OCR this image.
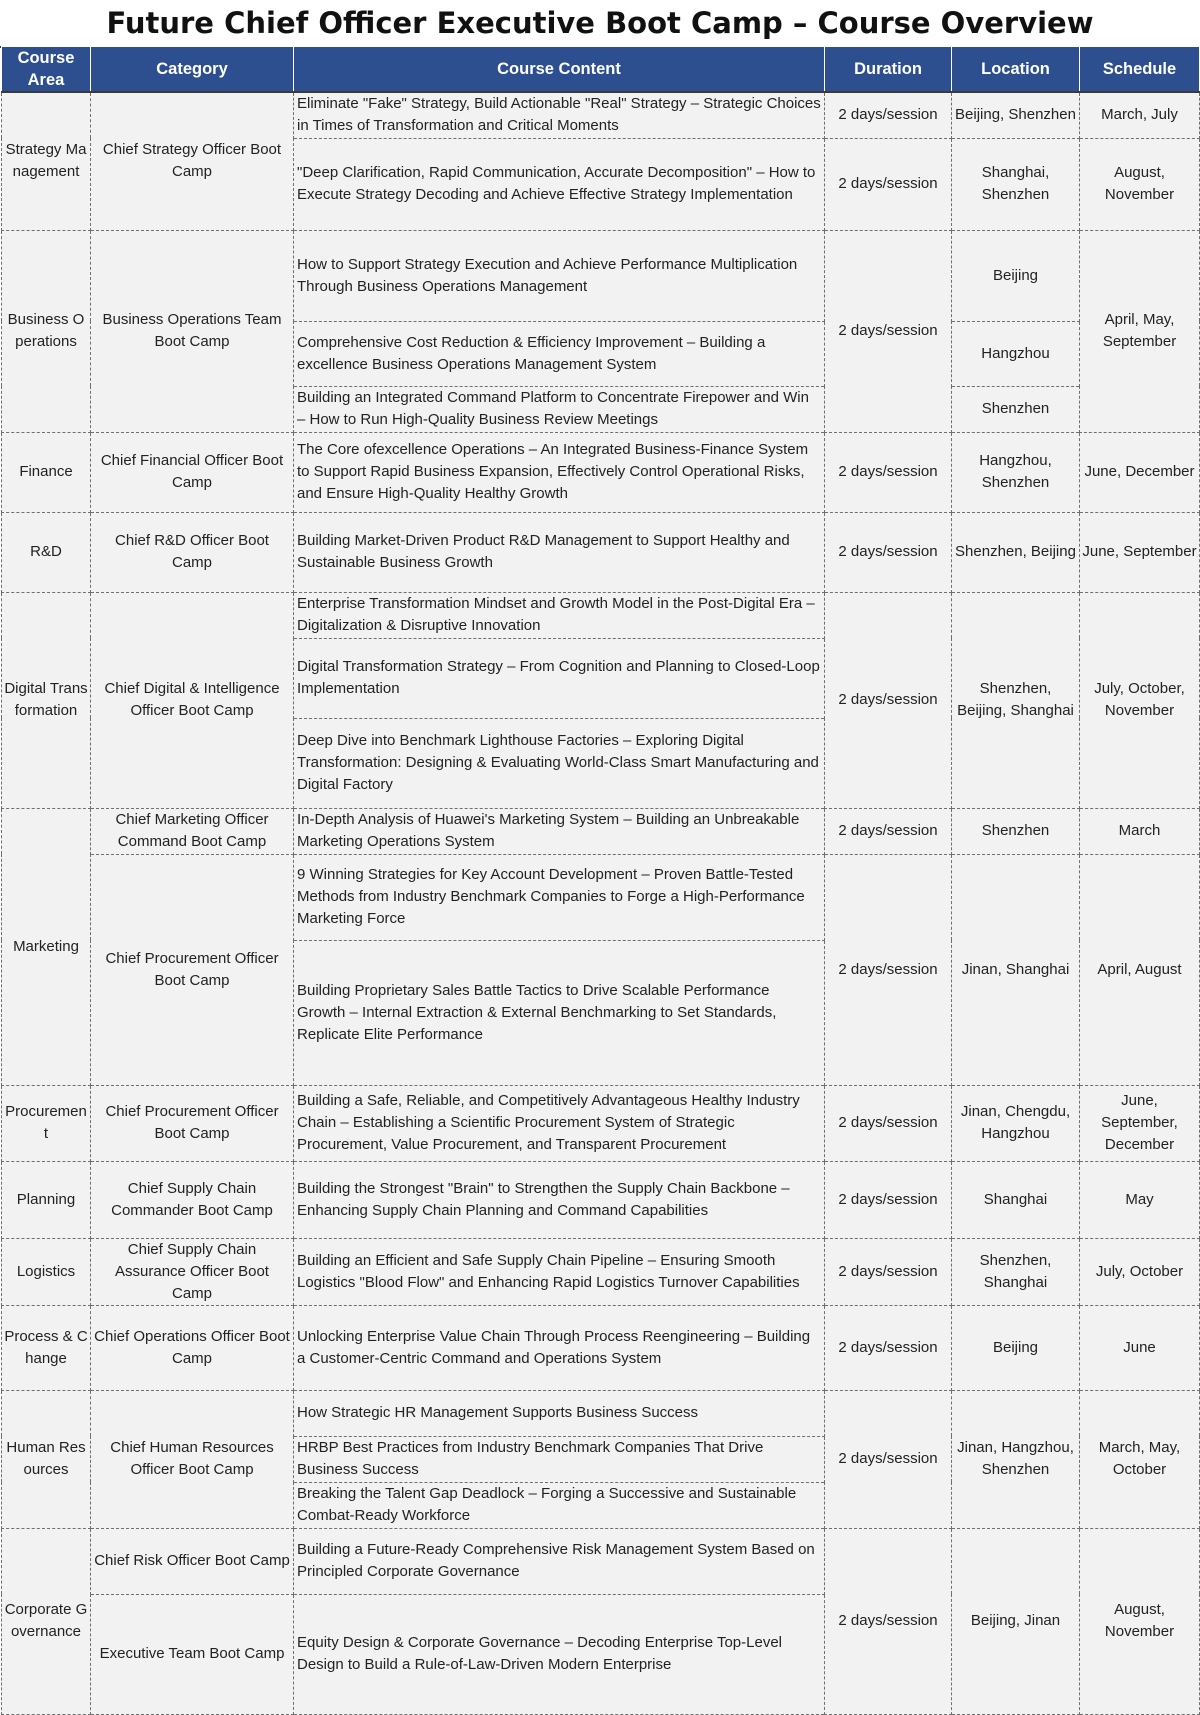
Future Chief Officer Executive Boot Camp – Course Overview
Course Area	Category	Course Content	Duration	Location	Schedule
Strategy Management	Chief Strategy Officer Boot Camp	Eliminate "Fake" Strategy, Build Actionable "Real" Strategy – Strategic Choices in Times of Transformation and Critical Moments	2 days/session	Beijing, Shenzhen	March, July
		"Deep Clarification, Rapid Communication, Accurate Decomposition" – How to Execute Strategy Decoding and Achieve Effective Strategy Implementation	2 days/session	Shanghai, Shenzhen	August, November
Business Operations	Business Operations Team Boot Camp	How to Support Strategy Execution and Achieve Performance Multiplication Through Business Operations Management	2 days/session	Beijing	April, May, September
		Comprehensive Cost Reduction & Efficiency Improvement – Building a excellence Business Operations Management System		Hangzhou	
		Building an Integrated Command Platform to Concentrate Firepower and Win – How to Run High-Quality Business Review Meetings		Shenzhen	
Finance	Chief Financial Officer Boot Camp	The Core ofexcellence Operations – An Integrated Business-Finance System to Support Rapid Business Expansion, Effectively Control Operational Risks, and Ensure High-Quality Healthy Growth	2 days/session	Hangzhou, Shenzhen	June, December
R&D	Chief R&D Officer Boot Camp	Building Market-Driven Product R&D Management to Support Healthy and Sustainable Business Growth	2 days/session	Shenzhen, Beijing	June, September
Digital Transformation	Chief Digital & Intelligence Officer Boot Camp	Enterprise Transformation Mindset and Growth Model in the Post-Digital Era – Digitalization & Disruptive Innovation	2 days/session	Shenzhen, Beijing, Shanghai	July, October, November
		Digital Transformation Strategy – From Cognition and Planning to Closed-Loop Implementation			
		Deep Dive into Benchmark Lighthouse Factories – Exploring Digital Transformation: Designing & Evaluating World-Class Smart Manufacturing and Digital Factory			
Marketing	Chief Marketing Officer Command Boot Camp	In-Depth Analysis of Huawei's Marketing System – Building an Unbreakable Marketing Operations System	2 days/session	Shenzhen	March
	Chief Procurement Officer Boot Camp	9 Winning Strategies for Key Account Development – Proven Battle-Tested Methods from Industry Benchmark Companies to Forge a High-Performance Marketing Force	2 days/session	Jinan, Shanghai	April, August
		Building Proprietary Sales Battle Tactics to Drive Scalable Performance Growth – Internal Extraction & External Benchmarking to Set Standards, Replicate Elite Performance			
Procurement	Chief Procurement Officer Boot Camp	Building a Safe, Reliable, and Competitively Advantageous Healthy Industry Chain – Establishing a Scientific Procurement System of Strategic Procurement, Value Procurement, and Transparent Procurement	2 days/session	Jinan, Chengdu, Hangzhou	June, September, December
Planning	Chief Supply Chain Commander Boot Camp	Building the Strongest "Brain" to Strengthen the Supply Chain Backbone – Enhancing Supply Chain Planning and Command Capabilities	2 days/session	Shanghai	May
Logistics	Chief Supply Chain Assurance Officer Boot Camp	Building an Efficient and Safe Supply Chain Pipeline – Ensuring Smooth Logistics "Blood Flow" and Enhancing Rapid Logistics Turnover Capabilities	2 days/session	Shenzhen, Shanghai	July, October
Process & Change	Chief Operations Officer Boot Camp	Unlocking Enterprise Value Chain Through Process Reengineering – Building a Customer-Centric Command and Operations System	2 days/session	Beijing	June
Human Resources	Chief Human Resources Officer Boot Camp	How Strategic HR Management Supports Business Success	2 days/session	Jinan, Hangzhou, Shenzhen	March, May, October
		HRBP Best Practices from Industry Benchmark Companies That Drive Business Success			
		Breaking the Talent Gap Deadlock – Forging a Successive and Sustainable Combat-Ready Workforce			
Corporate Governance	Chief Risk Officer Boot Camp	Building a Future-Ready Comprehensive Risk Management System Based on Principled Corporate Governance	2 days/session	Beijing, Jinan	August, November
	Executive Team Boot Camp	Equity Design & Corporate Governance – Decoding Enterprise Top-Level Design to Build a Rule-of-Law-Driven Modern Enterprise			
